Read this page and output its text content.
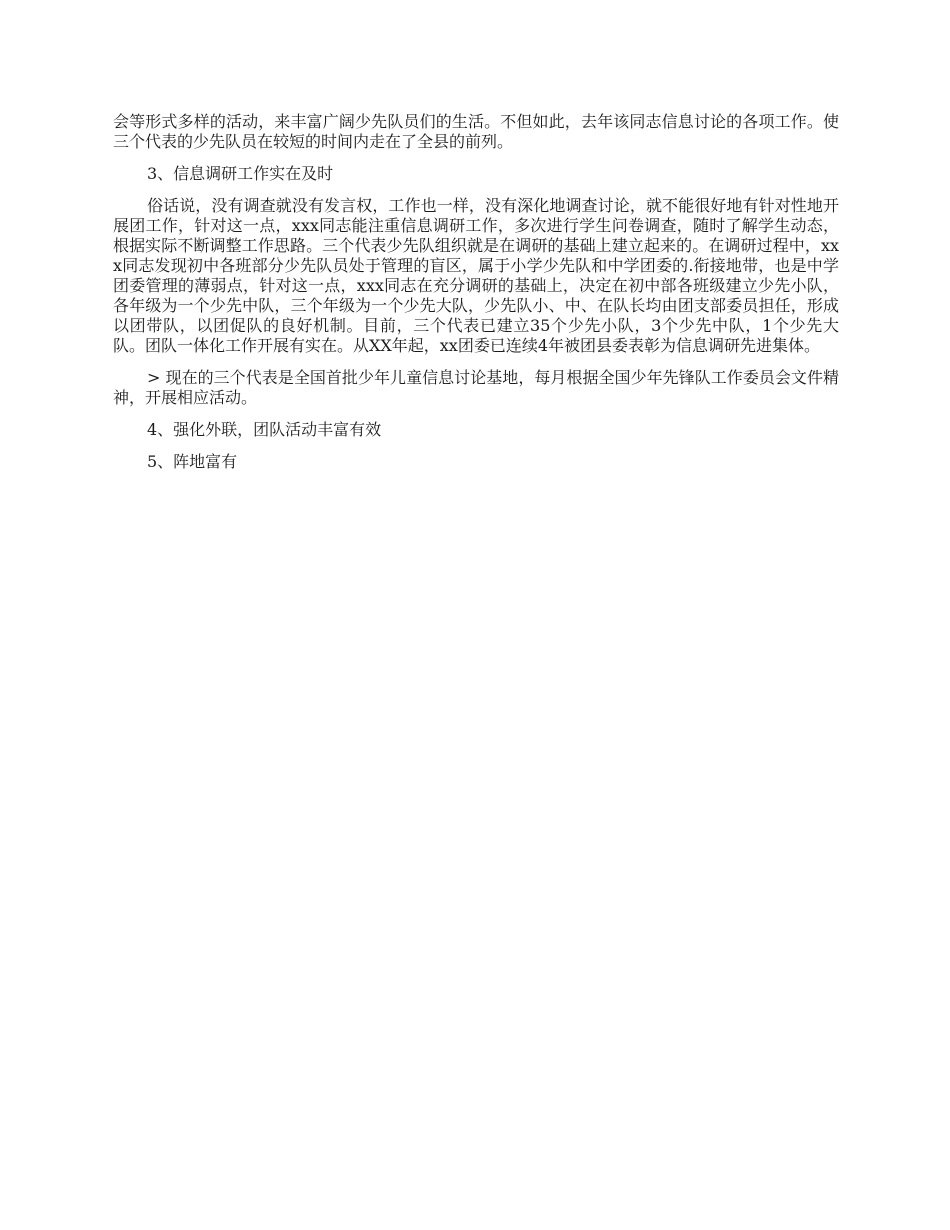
会等形式多样的活动，来丰富广阔少先队员们的生活。不但如此，去年该同志信息讨论的各项工作。使三个代表的少先队员在较短的时间内走在了全县的前列。

3、信息调研工作实在及时

俗话说，没有调查就没有发言权，工作也一样，没有深化地调查讨论，就不能很好地有针对性地开展团工作，针对这一点，xxx同志能注重信息调研工作，多次进行学生问卷调查，随时了解学生动态，根据实际不断调整工作思路。三个代表少先队组织就是在调研的基础上建立起来的。在调研过程中，xxx同志发现初中各班部分少先队员处于管理的盲区，属于小学少先队和中学团委的.衔接地带，也是中学团委管理的薄弱点，针对这一点，xxx同志在充分调研的基础上，决定在初中部各班级建立少先小队，各年级为一个少先中队，三个年级为一个少先大队，少先队小、中、在队长均由团支部委员担任，形成以团带队，以团促队的良好机制。目前，三个代表已建立35个少先小队，3个少先中队，1个少先大队。团队一体化工作开展有实在。从XX年起，xx团委已连续4年被团县委表彰为信息调研先进集体。

> 现在的三个代表是全国首批少年儿童信息讨论基地，每月根据全国少年先锋队工作委员会文件精神，开展相应活动。

4、强化外联，团队活动丰富有效

5、阵地富有
